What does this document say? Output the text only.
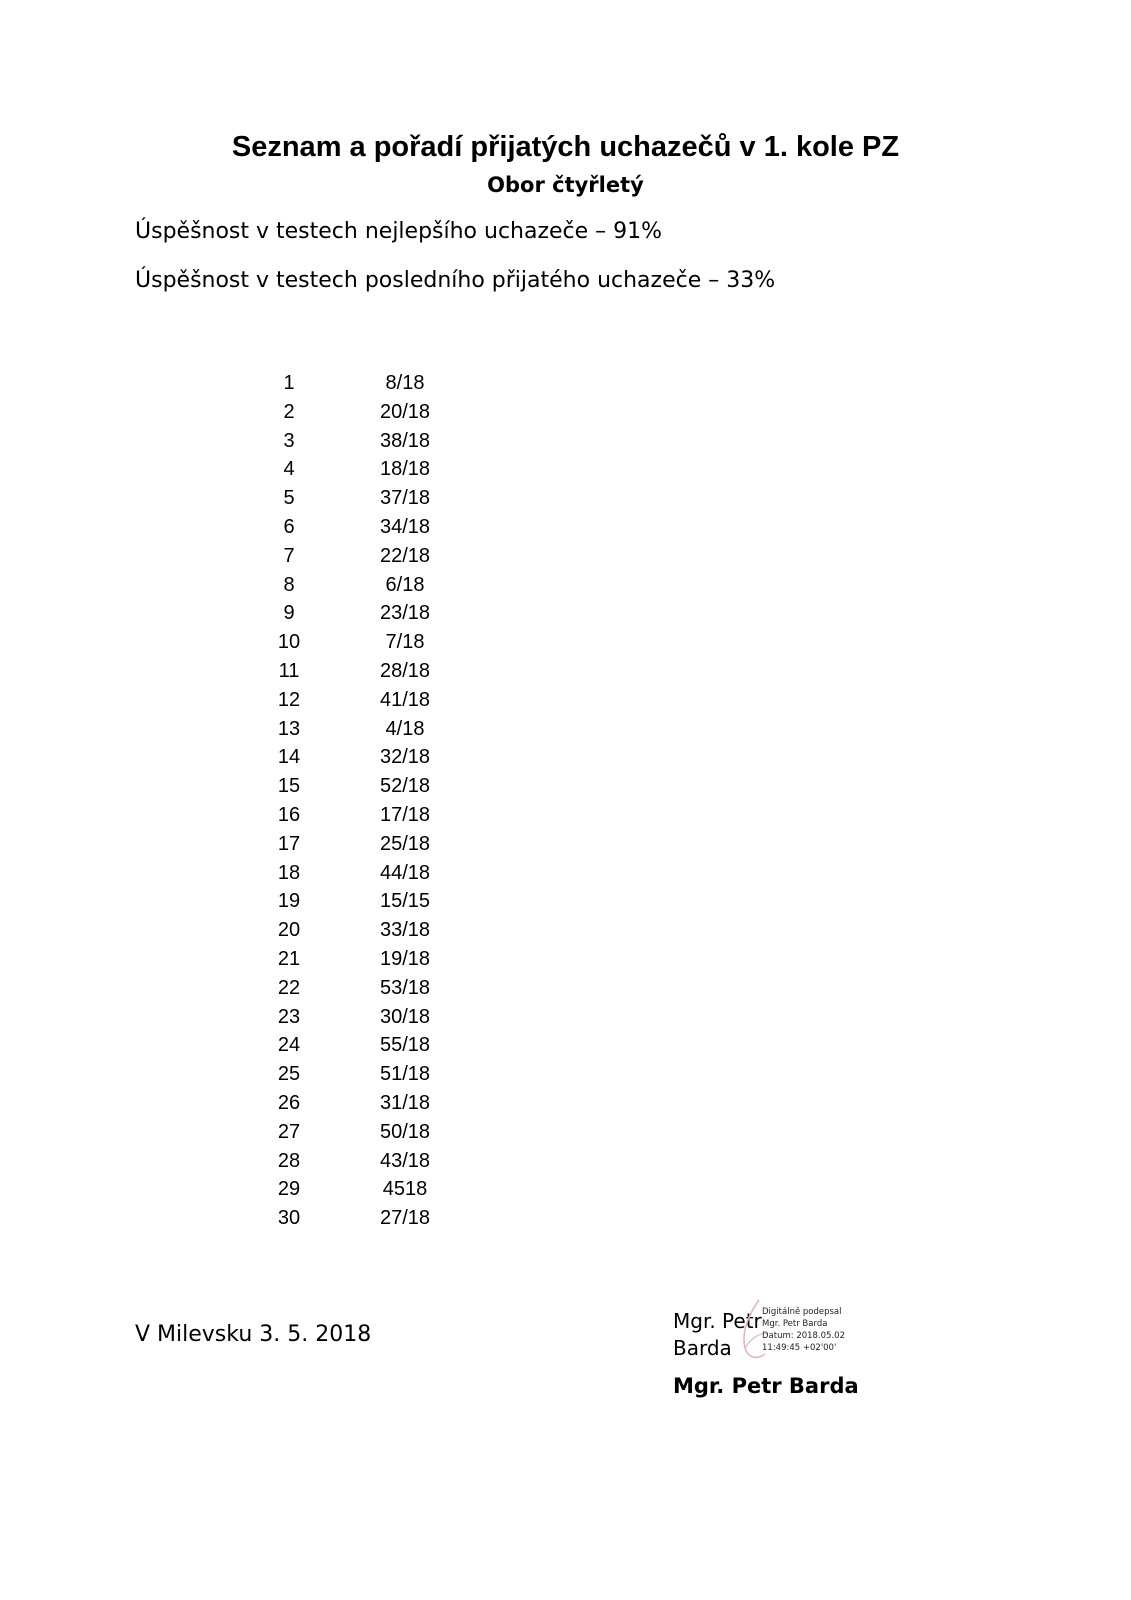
Seznam a pořadí přijatých uchazečů v 1. kole PZ
Obor čtyřletý
Úspěšnost v testech nejlepšího uchazeče – 91%
Úspěšnost v testech posledního přijatého uchazeče – 33%
1	8/18
2	20/18
3	38/18
4	18/18
5	37/18
6	34/18
7	22/18
8	6/18
9	23/18
10	7/18
11	28/18
12	41/18
13	4/18
14	32/18
15	52/18
16	17/18
17	25/18
18	44/18
19	15/15
20	33/18
21	19/18
22	53/18
23	30/18
24	55/18
25	51/18
26	31/18
27	50/18
28	43/18
29	4518
30	27/18
V Milevsku 3. 5. 2018
Mgr. Petr
Barda
Digitálně podepsal
Mgr. Petr Barda
Datum: 2018.05.02
11:49:45 +02'00'
Mgr. Petr Barda
